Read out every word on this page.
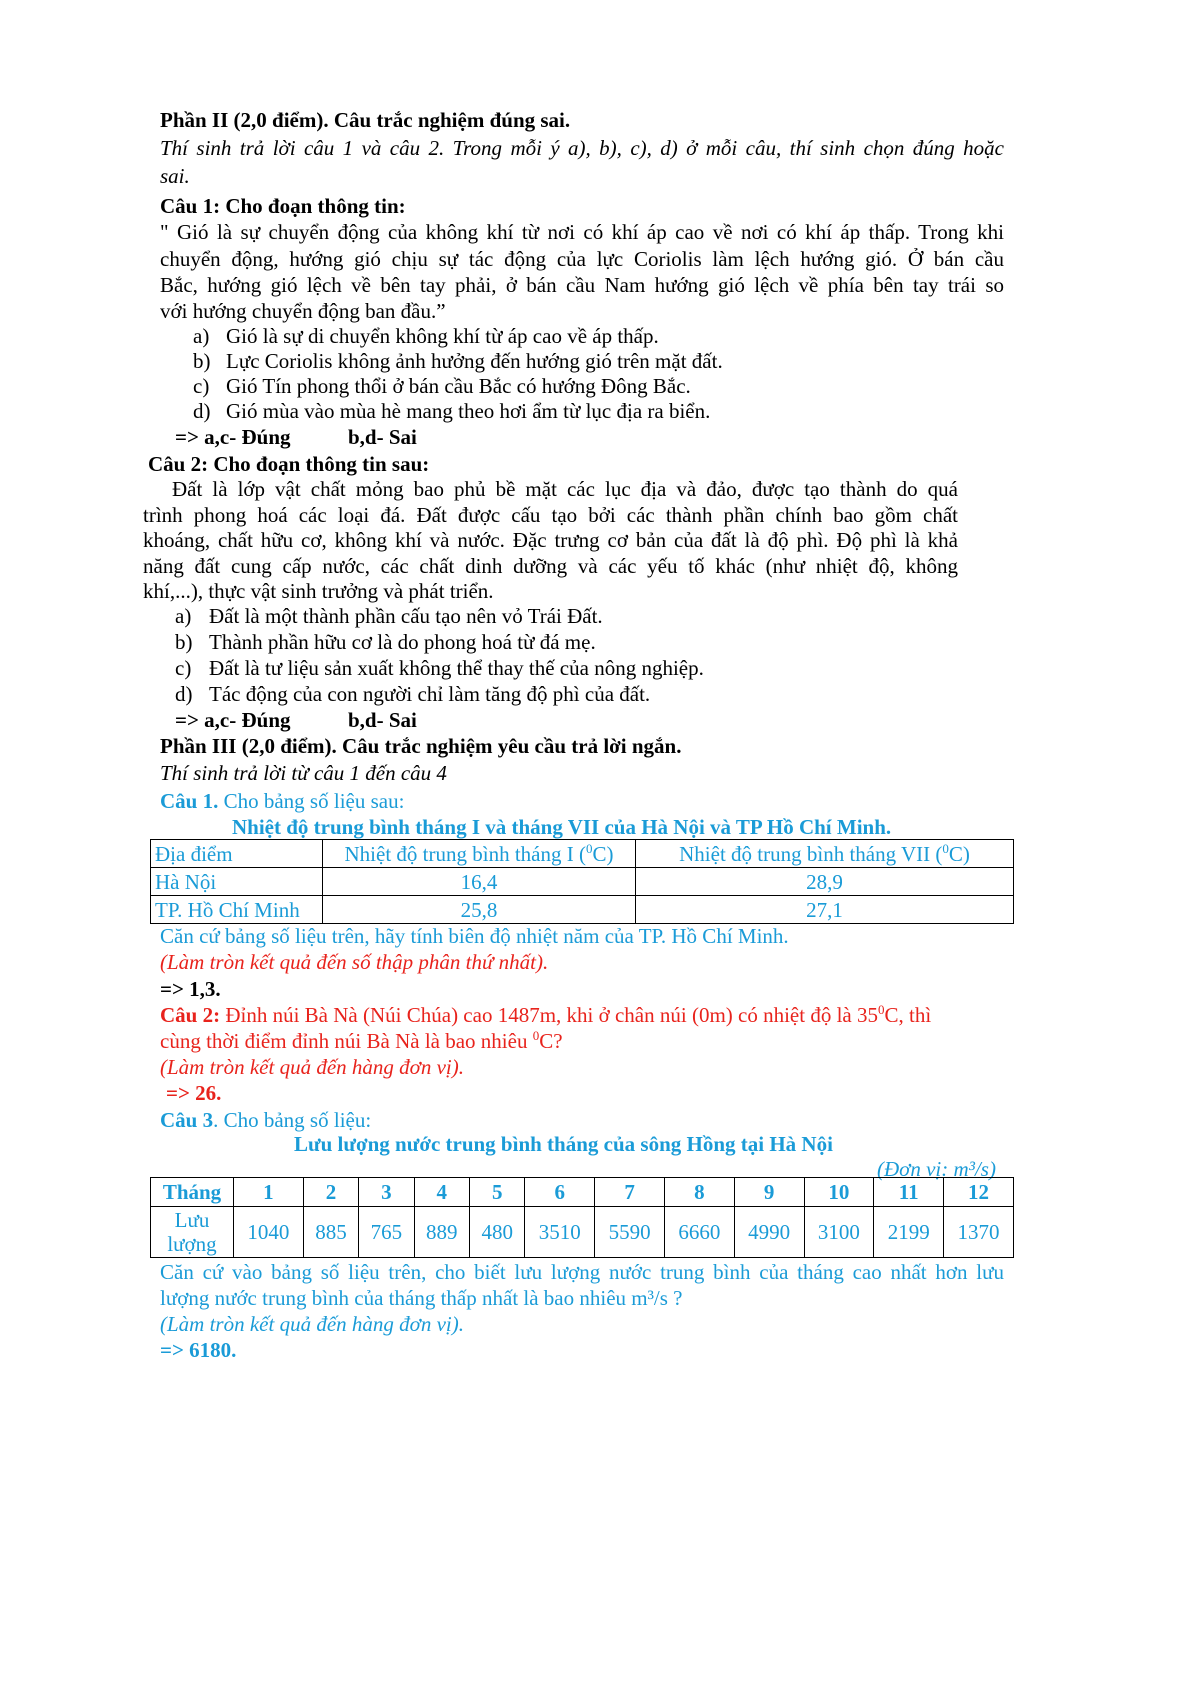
Phần II (2,0 điểm). Câu trắc nghiệm đúng sai.
Thí sinh trả lời câu 1 và câu 2. Trong mỗi ý a), b), c), d) ở mỗi câu, thí sinh chọn đúng hoặc
sai.
Câu 1: Cho đoạn thông tin:
" Gió là sự chuyển động của không khí từ nơi có khí áp cao về nơi có khí áp thấp. Trong khi
chuyển động, hướng gió chịu sự tác động của lực Coriolis làm lệch hướng gió. Ở bán cầu
Bắc, hướng gió lệch về bên tay phải, ở bán cầu Nam hướng gió lệch về phía bên tay trái so
với hướng chuyển động ban đầu.”
a) Gió là sự di chuyển không khí từ áp cao về áp thấp.
b) Lực Coriolis không ảnh hưởng đến hướng gió trên mặt đất.
c) Gió Tín phong thổi ở bán cầu Bắc có hướng Đông Bắc.
d) Gió mùa vào mùa hè mang theo hơi ẩm từ lục địa ra biển.
=> a,c- Đúng	b,d- Sai
Câu 2: Cho đoạn thông tin sau:
Đất là lớp vật chất mỏng bao phủ bề mặt các lục địa và đảo, được tạo thành do quá
trình phong hoá các loại đá. Đất được cấu tạo bởi các thành phần chính bao gồm chất
khoáng, chất hữu cơ, không khí và nước. Đặc trưng cơ bản của đất là độ phì. Độ phì là khả
năng đất cung cấp nước, các chất dinh dưỡng và các yếu tố khác (như nhiệt độ, không
khí,...), thực vật sinh trưởng và phát triển.
a) Đất là một thành phần cấu tạo nên vỏ Trái Đất.
b) Thành phần hữu cơ là do phong hoá từ đá mẹ.
c) Đất là tư liệu sản xuất không thể thay thế của nông nghiệp.
d) Tác động của con người chỉ làm tăng độ phì của đất.
=> a,c- Đúng	b,d- Sai
Phần III (2,0 điểm). Câu trắc nghiệm yêu cầu trả lời ngắn.
Thí sinh trả lời từ câu 1 đến câu 4
Câu 1. Cho bảng số liệu sau:
Nhiệt độ trung bình tháng I và tháng VII của Hà Nội và TP Hồ Chí Minh.
Địa điểm	Nhiệt độ trung bình tháng I ($^0$C)	Nhiệt độ trung bình tháng VII ($^0$C)
Hà Nội	16,4	28,9
TP. Hồ Chí Minh	25,8	27,1
Căn cứ bảng số liệu trên, hãy tính biên độ nhiệt năm của TP. Hồ Chí Minh.
(Làm tròn kết quả đến số thập phân thứ nhất).
=> 1,3.
Câu 2: Đỉnh núi Bà Nà (Núi Chúa) cao 1487m, khi ở chân núi (0m) có nhiệt độ là $35^0C$, thì
cùng thời điểm đỉnh núi Bà Nà là bao nhiêu $^0$C?
(Làm tròn kết quả đến hàng đơn vị).
=> 26.
Câu 3. Cho bảng số liệu:
Lưu lượng nước trung bình tháng của sông Hồng tại Hà Nội
(Đơn vị: m³/s)
Tháng	1	2	3	4	5	6	7	8	9	10	11	12
Lưu
lượng	1040	885	765	889	480	3510	5590	6660	4990	3100	2199	1370
Căn cứ vào bảng số liệu trên, cho biết lưu lượng nước trung bình của tháng cao nhất hơn lưu
lượng nước trung bình của tháng thấp nhất là bao nhiêu m³/s ?
(Làm tròn kết quả đến hàng đơn vị).
=> 6180.
